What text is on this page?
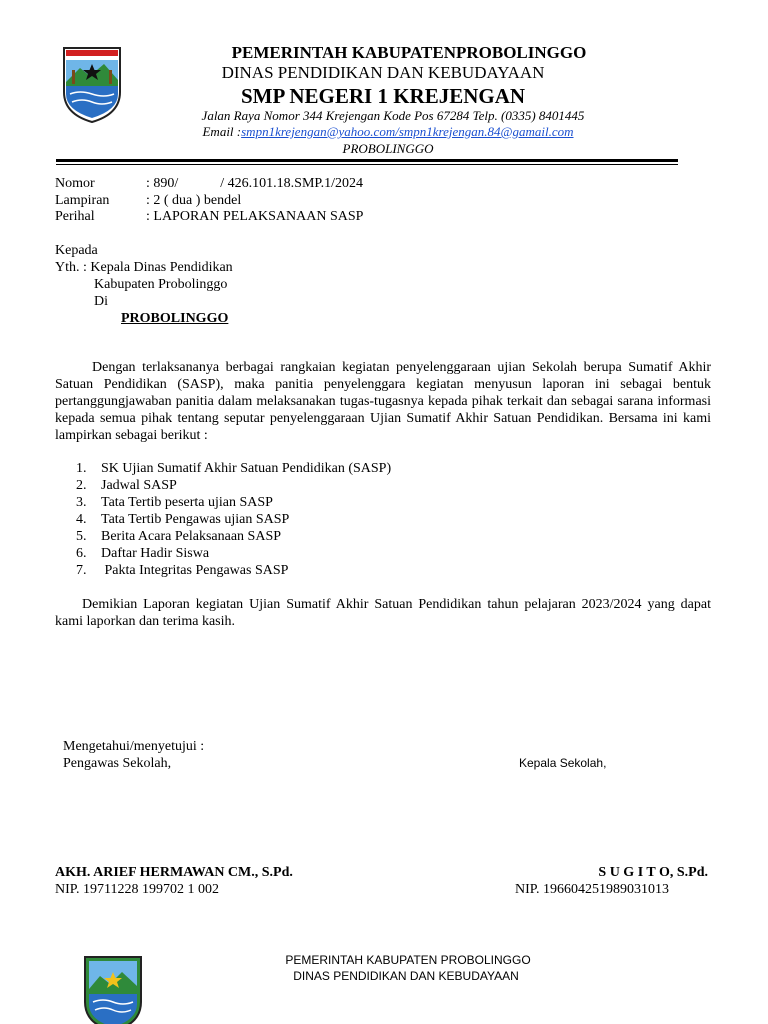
PEMERINTAH KABUPATENPROBOLINGGO
DINAS PENDIDIKAN DAN KEBUDAYAAN
SMP NEGERI 1 KREJENGAN
Jalan Raya Nomor 344 Krejengan Kode Pos 67284 Telp. (0335) 8401445
Email :smpn1krejengan@yahoo.com/smpn1krejengan.84@gamail.com
PROBOLINGGO
Nomor	: 890/            / 426.101.18.SMP.1/2024
Lampiran	: 2 ( dua ) bendel
Perihal	: LAPORAN PELAKSANAAN SASP
Kepada
Yth. : Kepala Dinas Pendidikan
Kabupaten Probolinggo
Di
PROBOLINGGO
Dengan terlaksananya berbagai rangkaian kegiatan penyelenggaraan ujian Sekolah berupa Sumatif Akhir Satuan Pendidikan (SASP), maka panitia penyelenggara kegiatan menyusun laporan ini sebagai bentuk pertanggungjawaban panitia dalam melaksanakan tugas-tugasnya kepada pihak terkait dan sebagai sarana informasi kepada semua pihak tentang seputar penyelenggaraan Ujian Sumatif Akhir Satuan Pendidikan. Bersama ini kami lampirkan sebagai berikut :
1. SK Ujian Sumatif Akhir Satuan Pendidikan (SASP)
2. Jadwal SASP
3. Tata Tertib peserta ujian SASP
4. Tata Tertib Pengawas ujian SASP
5. Berita Acara Pelaksanaan SASP
6. Daftar Hadir Siswa
7. Pakta Integritas Pengawas SASP
Demikian Laporan kegiatan Ujian Sumatif Akhir Satuan Pendidikan tahun pelajaran 2023/2024 yang dapat kami laporkan dan terima kasih.
Mengetahui/menyetujui :
Pengawas Sekolah,	Kepala Sekolah,
AKH. ARIEF HERMAWAN CM., S.Pd.
NIP. 19711228 199702 1 002
S U G I T O, S.Pd.
NIP. 196604251989031013
PEMERINTAH KABUPATEN PROBOLINGGO
DINAS PENDIDIKAN DAN KEBUDAYAAN
